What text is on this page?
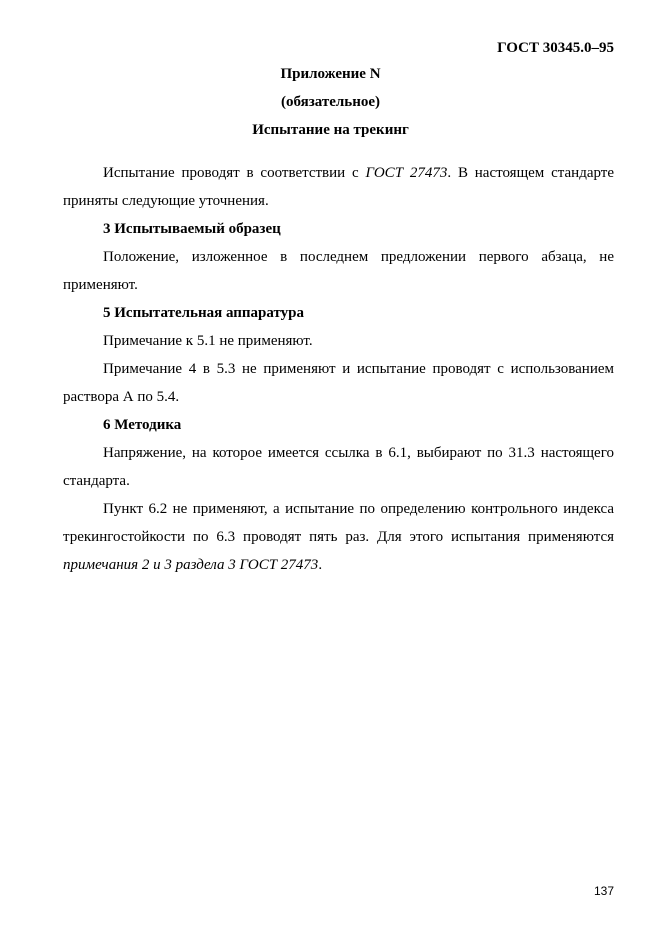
ГОСТ 30345.0–95

Приложение N

(обязательное)

Испытание на трекинг

Испытание проводят в соответствии с ГОСТ 27473. В настоящем стандарте приняты следующие уточнения.

3 Испытываемый образец

Положение, изложенное в последнем предложении первого абзаца, не применяют.

5 Испытательная аппаратура

Примечание к 5.1 не применяют.

Примечание 4 в 5.3 не применяют и испытание проводят с использованием раствора А по 5.4.

6 Методика

Напряжение, на которое имеется ссылка в 6.1, выбирают по 31.3 настоящего стандарта.

Пункт 6.2 не применяют, а испытание по определению контрольного индекса трекингостойкости по 6.3 проводят пять раз. Для этого испытания применяются примечания 2 и 3 раздела 3 ГОСТ 27473.

137
